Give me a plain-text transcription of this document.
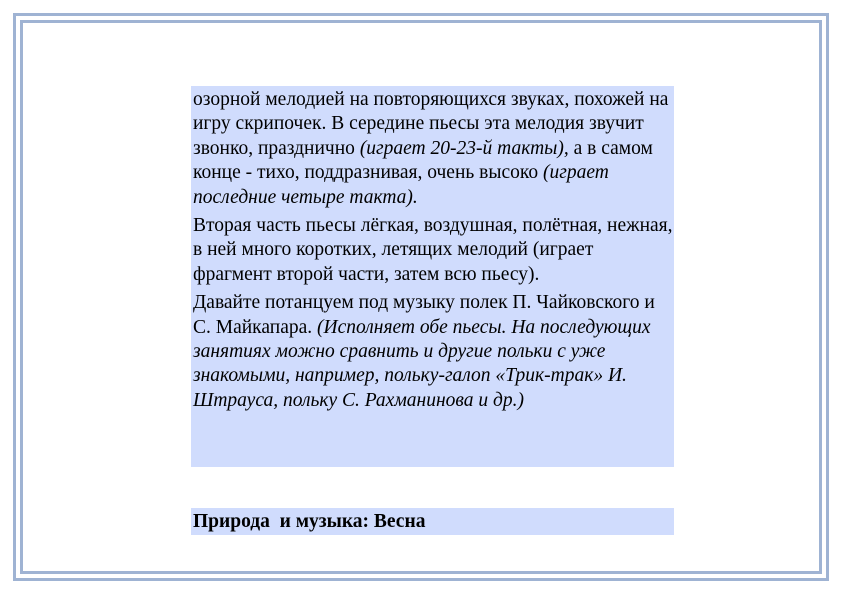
озорной мелодией на повторяющихся звуках, похожей на игру скрипочек. В середине пьесы эта мелодия звучит звонко, празднично (играет 20-23-й такты), а в самом конце - тихо, поддразнивая, очень высоко (играет последние четыре такта).

Вторая часть пьесы лёгкая, воздушная, полётная, нежная, в ней много коротких, летящих мелодий (играет фрагмент второй части, затем всю пьесу).

Давайте потанцуем под музыку полек П. Чайковского и С. Майкапара. (Исполняет обе пьесы. На последующих занятиях можно сравнить и другие польки с уже знакомыми, например, польку-галоп «Трик-трак» И. Штрауса, польку С. Рахманинова и др.)

Природа  и музыка: Весна
